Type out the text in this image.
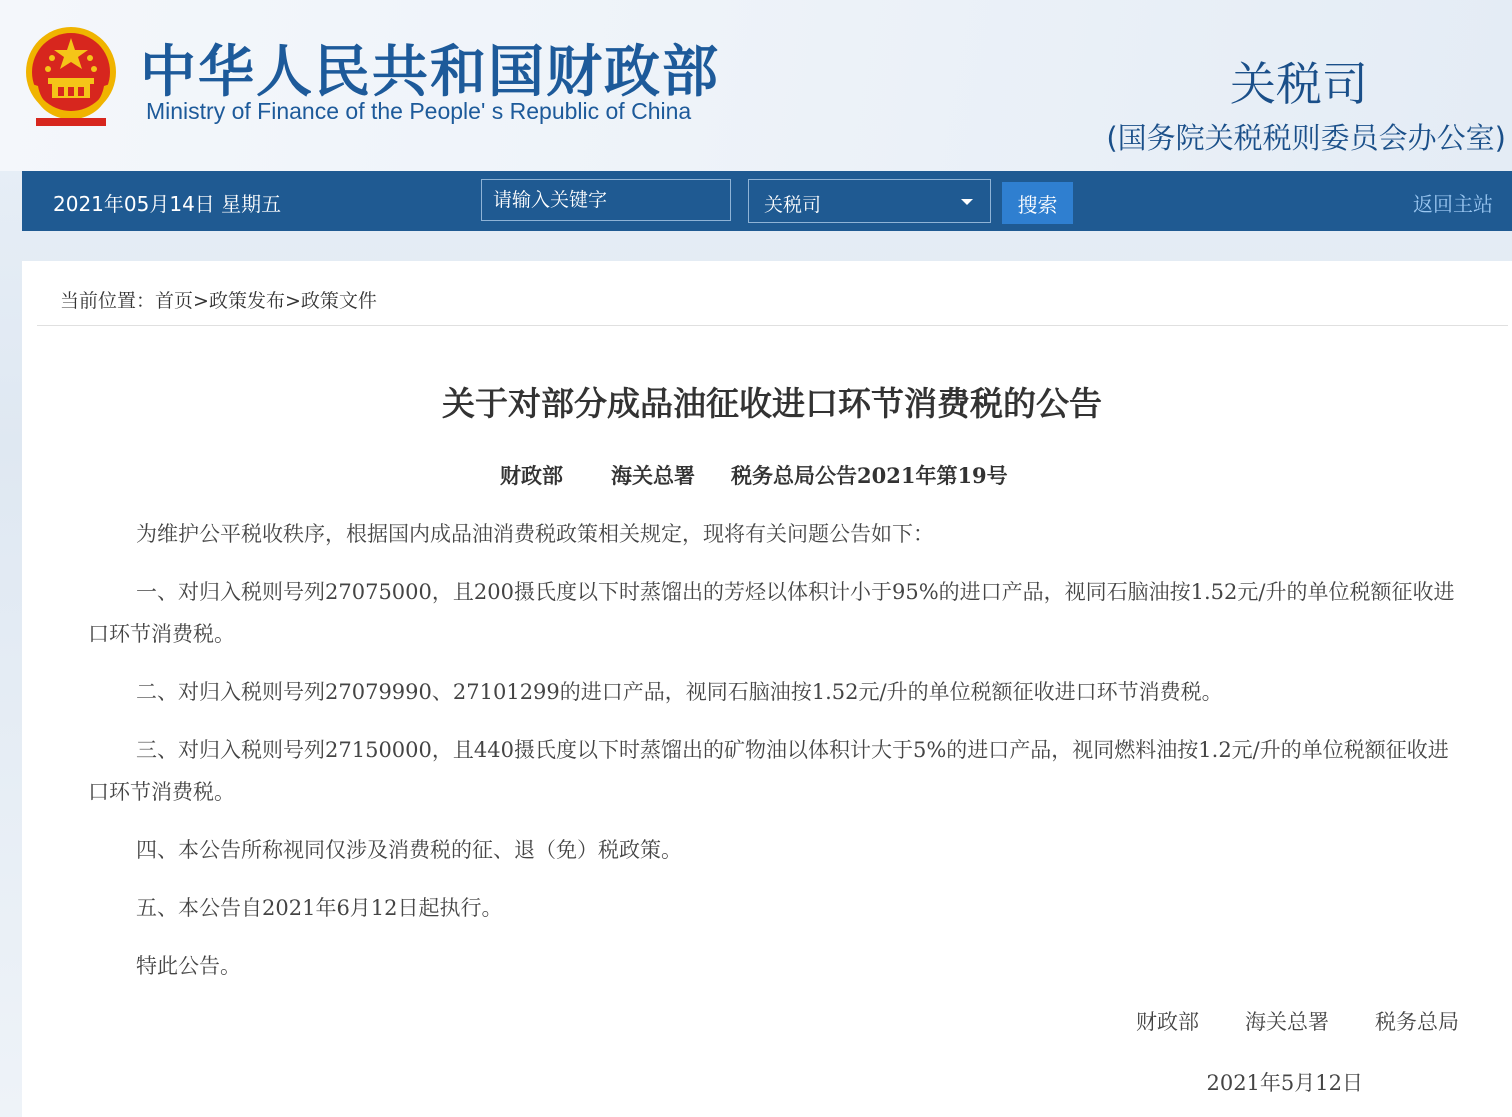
中华人民共和国财政部
Ministry of Finance of the People' s Republic of China	关税司
(国务院关税税则委员会办公室)
2021年05月14日 星期五
请输入关键字	关税司	搜索	返回主站
当前位置：首页>政策发布>政策文件
关于对部分成品油征收进口环节消费税的公告
财政部 海关总署 税务总局公告2021年第19号

为维护公平税收秩序，根据国内成品油消费税政策相关规定，现将有关问题公告如下：

一、对归入税则号列27075000，且200摄氏度以下时蒸馏出的芳烃以体积计小于95%的进口产品，视同石脑油按1.52元/升的单位税额征收进口环节消费税。

二、对归入税则号列27079990、27101299的进口产品，视同石脑油按1.52元/升的单位税额征收进口环节消费税。

三、对归入税则号列27150000，且440摄氏度以下时蒸馏出的矿物油以体积计大于5%的进口产品，视同燃料油按1.2元/升的单位税额征收进口环节消费税。

四、本公告所称视同仅涉及消费税的征、退（免）税政策。

五、本公告自2021年6月12日起执行。

特此公告。

财政部 海关总署 税务总局
2021年5月12日
